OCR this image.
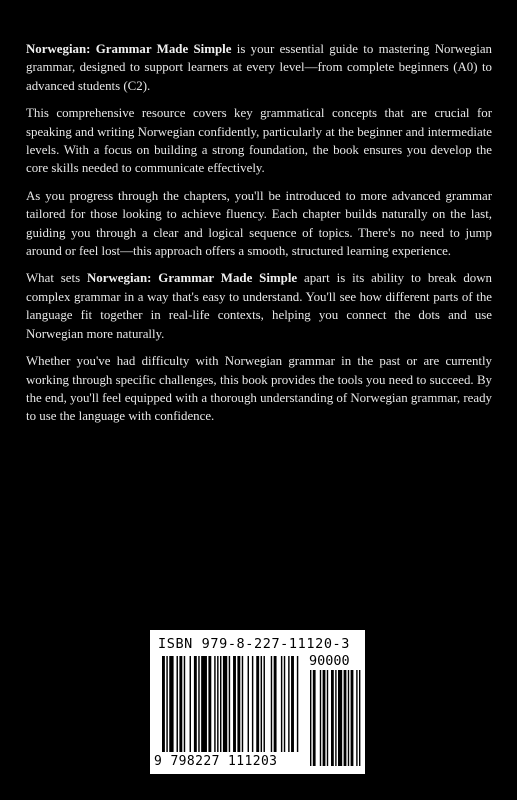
Norwegian: Grammar Made Simple is your essential guide to mastering Norwegian grammar, designed to support learners at every level—from complete beginners (A0) to advanced students (C2).

This comprehensive resource covers key grammatical concepts that are crucial for speaking and writing Norwegian confidently, particularly at the beginner and intermediate levels. With a focus on building a strong foundation, the book ensures you develop the core skills needed to communicate effectively.

As you progress through the chapters, you'll be introduced to more advanced grammar tailored for those looking to achieve fluency. Each chapter builds naturally on the last, guiding you through a clear and logical sequence of topics. There's no need to jump around or feel lost—this approach offers a smooth, structured learning experience.

What sets Norwegian: Grammar Made Simple apart is its ability to break down complex grammar in a way that's easy to understand. You'll see how different parts of the language fit together in real-life contexts, helping you connect the dots and use Norwegian more naturally.

Whether you've had difficulty with Norwegian grammar in the past or are currently working through specific challenges, this book provides the tools you need to succeed. By the end, you'll feel equipped with a thorough understanding of Norwegian grammar, ready to use the language with confidence.

ISBN 979-8-227-11120-3
90000
9 798227 111203
